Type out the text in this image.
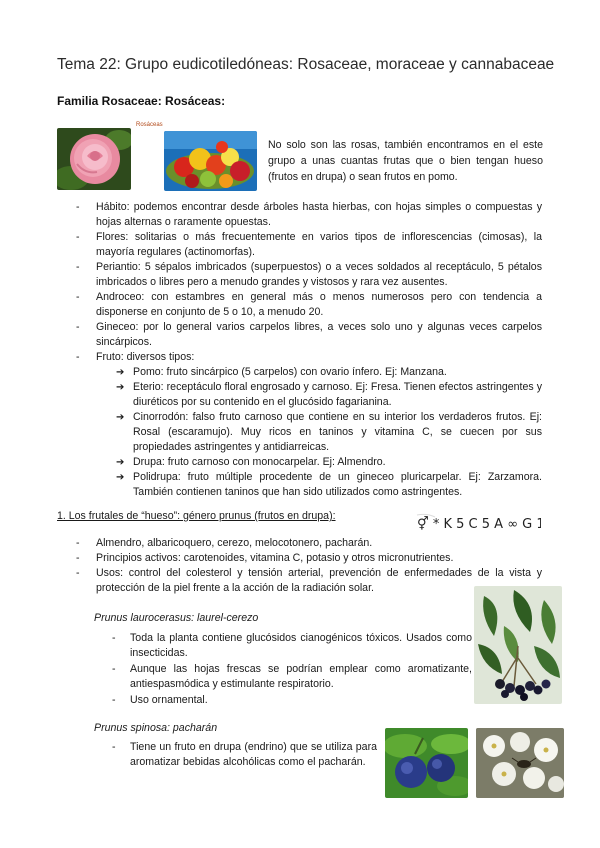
Tema 22: Grupo eudicotiledóneas: Rosaceae, moraceae y cannabaceae
Familia Rosaceae: Rosáceas:
Rosáceas
No solo son las rosas, también encontramos en el este grupo a unas cuantas frutas que o bien tengan hueso (frutos en drupa) o sean frutos en pomo.
- Hábito: podemos encontrar desde árboles hasta hierbas, con hojas simples o compuestas y hojas alternas o raramente opuestas.
- Flores: solitarias o más frecuentemente en varios tipos de inflorescencias (cimosas), la mayoría regulares (actinomorfas).
- Periantio: 5 sépalos imbricados (superpuestos) o a veces soldados al receptáculo, 5 pétalos imbricados o libres pero a menudo grandes y vistosos y rara vez ausentes.
- Androceo: con estambres en general más o menos numerosos pero con tendencia a disponerse en conjunto de 5 o 10, a menudo 20.
- Gineceo: por lo general varios carpelos libres, a veces solo uno y algunas veces carpelos sincárpicos.
- Fruto: diversos tipos:
➔ Pomo: fruto sincárpico (5 carpelos) con ovario ínfero. Ej: Manzana.
➔ Eterio: receptáculo floral engrosado y carnoso. Ej: Fresa. Tienen efectos astringentes y diuréticos por su contenido en el glucósido fagarianina.
➔ Cinorrodón: falso fruto carnoso que contiene en su interior los verdaderos frutos. Ej: Rosal (escaramujo). Muy ricos en taninos y vitamina C, se cuecen por sus propiedades astringentes y antidiarreicas.
➔ Drupa: fruto carnoso con monocarpelar. Ej: Almendro.
➔ Polidrupa: fruto múltiple procedente de un gineceo pluricarpelar. Ej: Zarzamora. También contienen taninos que han sido utilizados como astringentes.
1. Los frutales de “hueso”: género prunus (frutos en drupa):
⚥ * K 5 C 5 A ∞ G 1
- Almendro, albaricoquero, cerezo, melocotonero, pacharán.
- Principios activos: carotenoides, vitamina C, potasio y otros micronutrientes.
- Usos: control del colesterol y tensión arterial, prevención de enfermedades de la vista y protección de la piel frente a la acción de la radiación solar.
Prunus laurocerasus: laurel-cerezo
- Toda la planta contiene glucósidos cianogénicos tóxicos. Usados como insecticidas.
- Aunque las hojas frescas se podrían emplear como aromatizante, antiespasmódica y estimulante respiratorio.
- Uso ornamental.
Prunus spinosa: pacharán
- Tiene un fruto en drupa (endrino) que se utiliza para aromatizar bebidas alcohólicas como el pacharán.
